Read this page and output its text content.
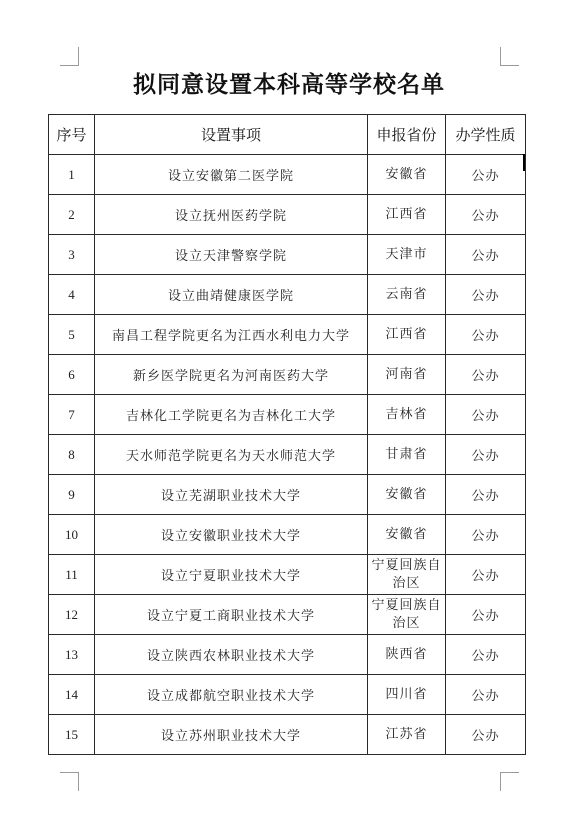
拟同意设置本科高等学校名单
序号	设置事项	申报省份	办学性质
1	设立安徽第二医学院	安徽省	公办
2	设立抚州医药学院	江西省	公办
3	设立天津警察学院	天津市	公办
4	设立曲靖健康医学院	云南省	公办
5	南昌工程学院更名为江西水利电力大学	江西省	公办
6	新乡医学院更名为河南医药大学	河南省	公办
7	吉林化工学院更名为吉林化工大学	吉林省	公办
8	天水师范学院更名为天水师范大学	甘肃省	公办
9	设立芜湖职业技术大学	安徽省	公办
10	设立安徽职业技术大学	安徽省	公办
11	设立宁夏职业技术大学	宁夏回族自治区	公办
12	设立宁夏工商职业技术大学	宁夏回族自治区	公办
13	设立陕西农林职业技术大学	陕西省	公办
14	设立成都航空职业技术大学	四川省	公办
15	设立苏州职业技术大学	江苏省	公办
